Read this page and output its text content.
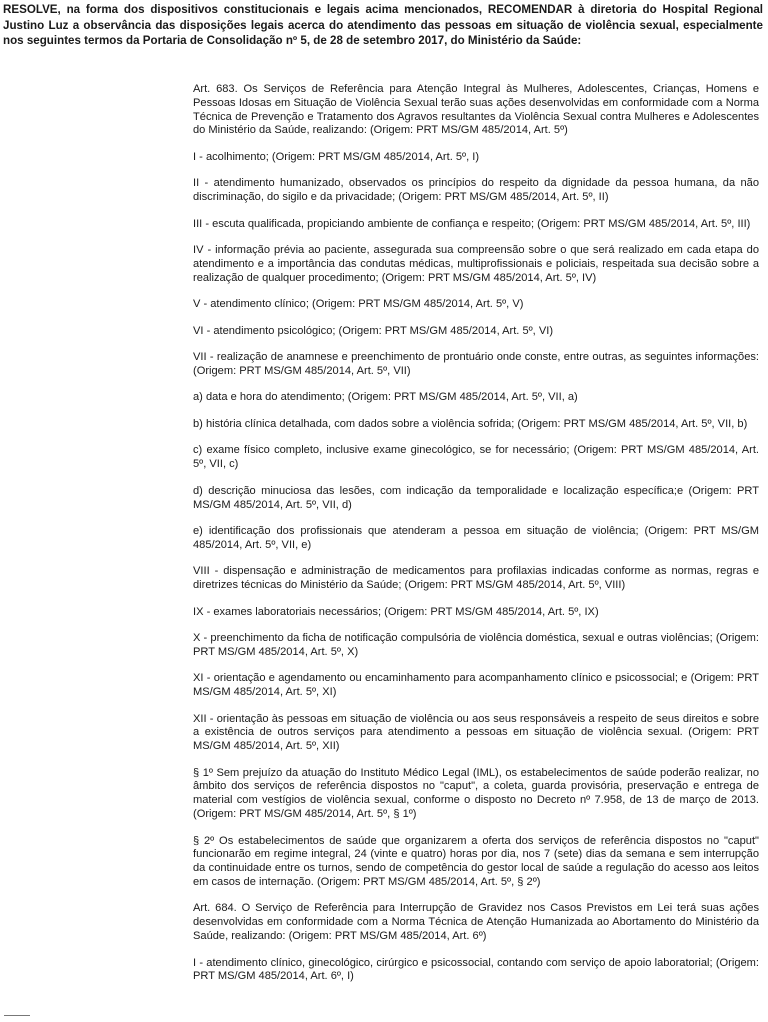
RESOLVE, na forma dos dispositivos constitucionais e legais acima mencionados, RECOMENDAR à diretoria do Hospital Regional Justino Luz a observância das disposições legais acerca do atendimento das pessoas em situação de violência sexual, especialmente nos seguintes termos da Portaria de Consolidação nº 5, de 28 de setembro 2017, do Ministério da Saúde:

Art. 683. Os Serviços de Referência para Atenção Integral às Mulheres, Adolescentes, Crianças, Homens e Pessoas Idosas em Situação de Violência Sexual terão suas ações desenvolvidas em conformidade com a Norma Técnica de Prevenção e Tratamento dos Agravos resultantes da Violência Sexual contra Mulheres e Adolescentes do Ministério da Saúde, realizando: (Origem: PRT MS/GM 485/2014, Art. 5º)

I - acolhimento; (Origem: PRT MS/GM 485/2014, Art. 5º, I)

II - atendimento humanizado, observados os princípios do respeito da dignidade da pessoa humana, da não discriminação, do sigilo e da privacidade; (Origem: PRT MS/GM 485/2014, Art. 5º, II)

III - escuta qualificada, propiciando ambiente de confiança e respeito; (Origem: PRT MS/GM 485/2014, Art. 5º, III)

IV - informação prévia ao paciente, assegurada sua compreensão sobre o que será realizado em cada etapa do atendimento e a importância das condutas médicas, multiprofissionais e policiais, respeitada sua decisão sobre a realização de qualquer procedimento; (Origem: PRT MS/GM 485/2014, Art. 5º, IV)

V - atendimento clínico; (Origem: PRT MS/GM 485/2014, Art. 5º, V)

VI - atendimento psicológico; (Origem: PRT MS/GM 485/2014, Art. 5º, VI)

VII - realização de anamnese e preenchimento de prontuário onde conste, entre outras, as seguintes informações: (Origem: PRT MS/GM 485/2014, Art. 5º, VII)

a) data e hora do atendimento; (Origem: PRT MS/GM 485/2014, Art. 5º, VII, a)

b) história clínica detalhada, com dados sobre a violência sofrida; (Origem: PRT MS/GM 485/2014, Art. 5º, VII, b)

c) exame físico completo, inclusive exame ginecológico, se for necessário; (Origem: PRT MS/GM 485/2014, Art. 5º, VII, c)

d) descrição minuciosa das lesões, com indicação da temporalidade e localização específica;e (Origem: PRT MS/GM 485/2014, Art. 5º, VII, d)

e) identificação dos profissionais que atenderam a pessoa em situação de violência; (Origem: PRT MS/GM 485/2014, Art. 5º, VII, e)

VIII - dispensação e administração de medicamentos para profilaxias indicadas conforme as normas, regras e diretrizes técnicas do Ministério da Saúde; (Origem: PRT MS/GM 485/2014, Art. 5º, VIII)

IX - exames laboratoriais necessários; (Origem: PRT MS/GM 485/2014, Art. 5º, IX)

X - preenchimento da ficha de notificação compulsória de violência doméstica, sexual e outras violências; (Origem: PRT MS/GM 485/2014, Art. 5º, X)

XI - orientação e agendamento ou encaminhamento para acompanhamento clínico e psicossocial; e (Origem: PRT MS/GM 485/2014, Art. 5º, XI)

XII - orientação às pessoas em situação de violência ou aos seus responsáveis a respeito de seus direitos e sobre a existência de outros serviços para atendimento a pessoas em situação de violência sexual. (Origem: PRT MS/GM 485/2014, Art. 5º, XII)

§ 1º Sem prejuízo da atuação do Instituto Médico Legal (IML), os estabelecimentos de saúde poderão realizar, no âmbito dos serviços de referência dispostos no "caput", a coleta, guarda provisória, preservação e entrega de material com vestígios de violência sexual, conforme o disposto no Decreto nº 7.958, de 13 de março de 2013. (Origem: PRT MS/GM 485/2014, Art. 5º, § 1º)

§ 2º Os estabelecimentos de saúde que organizarem a oferta dos serviços de referência dispostos no "caput" funcionarão em regime integral, 24 (vinte e quatro) horas por dia, nos 7 (sete) dias da semana e sem interrupção da continuidade entre os turnos, sendo de competência do gestor local de saúde a regulação do acesso aos leitos em casos de internação. (Origem: PRT MS/GM 485/2014, Art. 5º, § 2º)

Art. 684. O Serviço de Referência para Interrupção de Gravidez nos Casos Previstos em Lei terá suas ações desenvolvidas em conformidade com a Norma Técnica de Atenção Humanizada ao Abortamento do Ministério da Saúde, realizando: (Origem: PRT MS/GM 485/2014, Art. 6º)

I - atendimento clínico, ginecológico, cirúrgico e psicossocial, contando com serviço de apoio laboratorial; (Origem: PRT MS/GM 485/2014, Art. 6º, I)
